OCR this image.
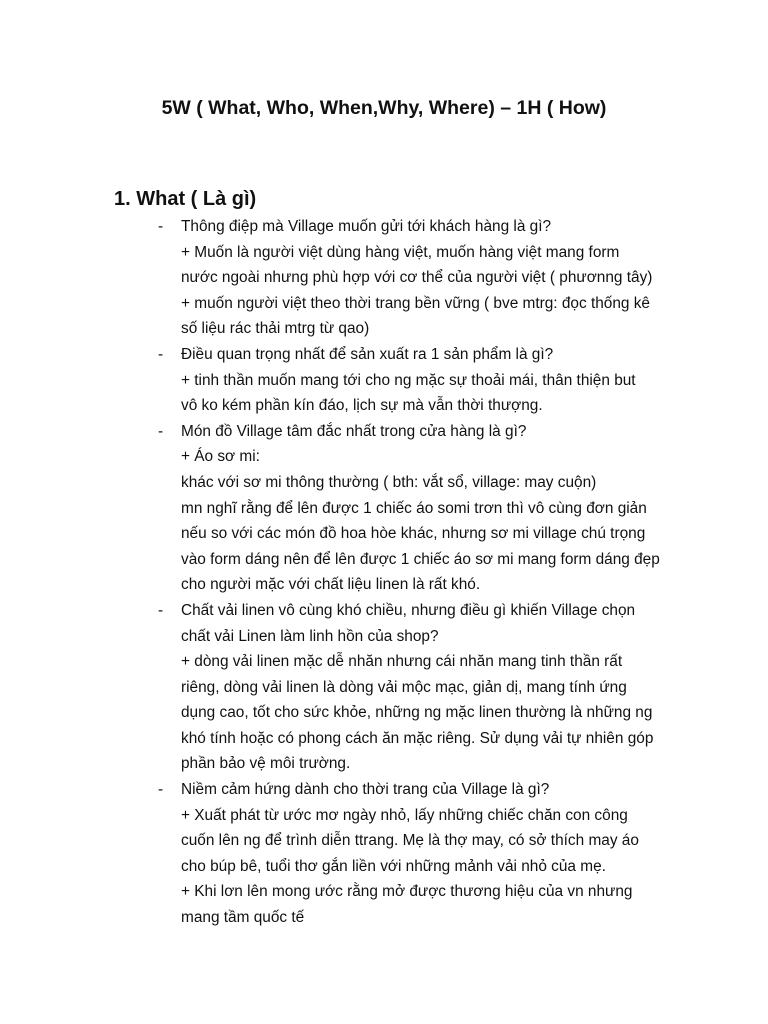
5W ( What, Who, When,Why, Where) – 1H ( How)
1. What ( Là gì)
- Thông điệp mà Village muốn gửi tới khách hàng là gì?
+ Muốn là người việt dùng hàng việt, muốn hàng việt mang form
nước ngoài nhưng phù hợp với cơ thể của người việt ( phươnng tây)
+ muốn người việt theo thời trang bền vững ( bve mtrg: đọc thống kê
số liệu rác thải mtrg từ qao)
- Điều quan trọng nhất để sản xuất ra 1 sản phẩm là gì?
+ tinh thần muốn mang tới cho ng mặc sự thoải mái, thân thiện but
vô ko kém phần kín đáo, lịch sự mà vẫn thời thượng.
- Món đồ Village tâm đắc nhất trong cửa hàng là gì?
+ Áo sơ mi:
khác với sơ mi thông thường ( bth: vắt sổ, village: may cuộn)
mn nghĩ rằng để lên được 1 chiếc áo somi trơn thì vô cùng đơn giản
nếu so với các món đồ hoa hòe khác, nhưng sơ mi village chú trọng
vào form dáng nên để lên được 1 chiếc áo sơ mi mang form dáng đẹp
cho người mặc với chất liệu linen là rất khó.
- Chất vải linen vô cùng khó chiều, nhưng điều gì khiến Village chọn
chất vải Linen làm linh hồn của shop?
+ dòng vải linen mặc dễ nhăn nhưng cái nhăn mang tinh thần rất
riêng, dòng vải linen là dòng vải mộc mạc, giản dị, mang tính ứng
dụng cao, tốt cho sức khỏe, những ng mặc linen thường là những ng
khó tính hoặc có phong cách ăn mặc riêng. Sử dụng vải tự nhiên góp
phần bảo vệ môi trường.
- Niềm cảm hứng dành cho thời trang của Village là gì?
+ Xuất phát từ ước mơ ngày nhỏ, lấy những chiếc chăn con công
cuốn lên ng để trình diễn ttrang. Mẹ là thợ may, có sở thích may áo
cho búp bê, tuổi thơ gắn liền với những mảnh vải nhỏ của mẹ.
+ Khi lơn lên mong ước rằng mở được thương hiệu của vn nhưng
mang tầm quốc tế
